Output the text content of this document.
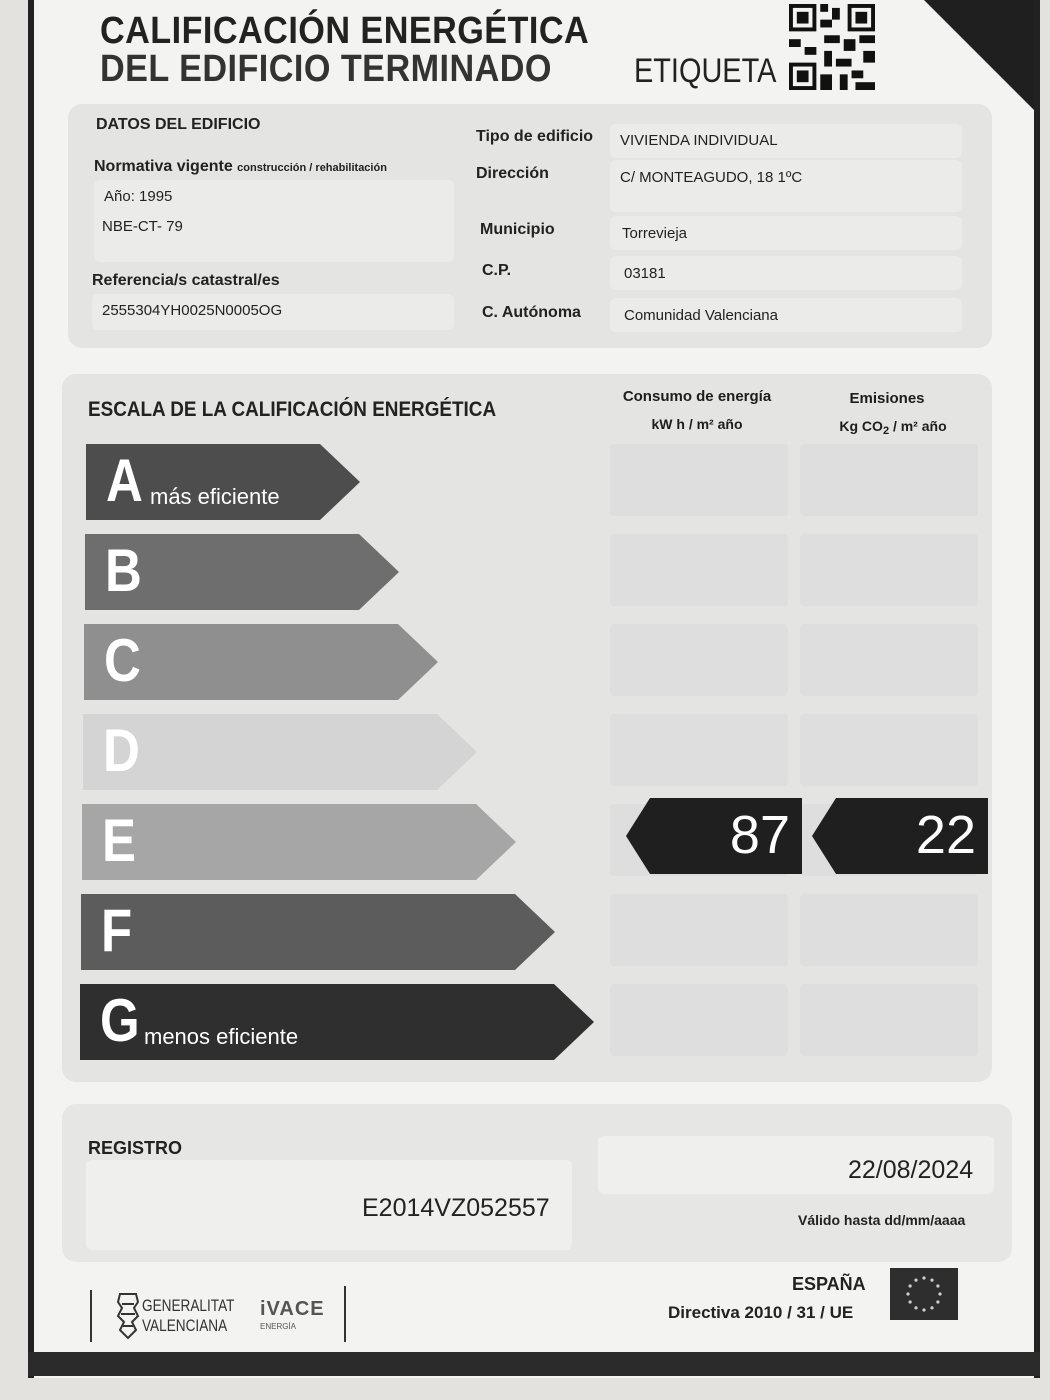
CALIFICACIÓN ENERGÉTICA
DEL EDIFICIO TERMINADO ETIQUETA
DATOS DEL EDIFICIO
Normativa vigente construcción / rehabilitación
Año: 1995
NBE-CT- 79
Referencia/s catastral/es
2555304YH0025N0005OG
Tipo de edificio VIVIENDA INDIVIDUAL
Dirección	C/ MONTEAGUDO, 18 1ºC
Municipio	Torrevieja
C.P.	03181
C. Autónoma	Comunidad Valenciana
ESCALA DE LA CALIFICACIÓN ENERGÉTICA
Consumo de energía
kW h / m² año
Emisiones
Kg $CO_2 / m^2$ año
REGISTRO
E2014VZ052557
22/08/2024
Válido hasta dd/mm/aaaa
GENERALITAT
VALENCIANA
iVACE
ENERGÍA
ESPAÑA
Directiva 2010 / 31 / UE
A más eficiente
B
C
D
E	87 22
F
G menos eficiente
